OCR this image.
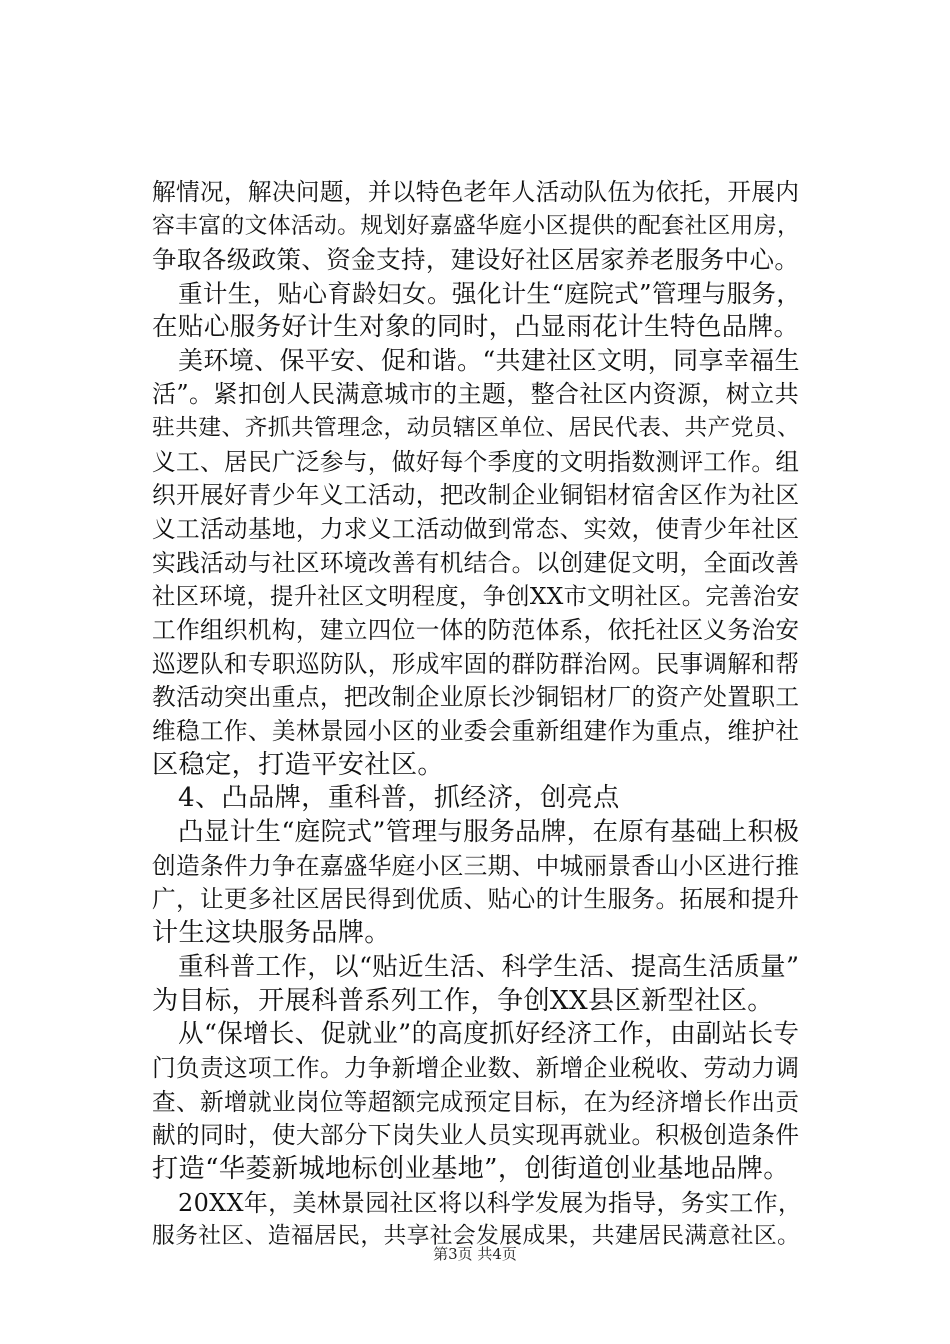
解情况，解决问题，并以特色老年人活动队伍为依托，开展内
容丰富的文体活动。规划好嘉盛华庭小区提供的配套社区用房，
争取各级政策、资金支持，建设好社区居家养老服务中心。
重计生，贴心育龄妇女。强化计生“庭院式”管理与服务，
在贴心服务好计生对象的同时，凸显雨花计生特色品牌。
美环境、保平安、促和谐。“共建社区文明，同享幸福生
活”。紧扣创人民满意城市的主题，整合社区内资源，树立共
驻共建、齐抓共管理念，动员辖区单位、居民代表、共产党员、
义工、居民广泛参与，做好每个季度的文明指数测评工作。组
织开展好青少年义工活动，把改制企业铜铝材宿舍区作为社区
义工活动基地，力求义工活动做到常态、实效，使青少年社区
实践活动与社区环境改善有机结合。以创建促文明，全面改善
社区环境，提升社区文明程度，争创XX市文明社区。完善治安
工作组织机构，建立四位一体的防范体系，依托社区义务治安
巡逻队和专职巡防队，形成牢固的群防群治网。民事调解和帮
教活动突出重点，把改制企业原长沙铜铝材厂的资产处置职工
维稳工作、美林景园小区的业委会重新组建作为重点，维护社
区稳定，打造平安社区。
4、凸品牌，重科普，抓经济，创亮点
凸显计生“庭院式”管理与服务品牌，在原有基础上积极
创造条件力争在嘉盛华庭小区三期、中城丽景香山小区进行推
广，让更多社区居民得到优质、贴心的计生服务。拓展和提升
计生这块服务品牌。
重科普工作，以“贴近生活、科学生活、提高生活质量”
为目标，开展科普系列工作，争创XX县区新型社区。
从“保增长、促就业”的高度抓好经济工作，由副站长专
门负责这项工作。力争新增企业数、新增企业税收、劳动力调
查、新增就业岗位等超额完成预定目标，在为经济增长作出贡
献的同时，使大部分下岗失业人员实现再就业。积极创造条件
打造“华菱新城地标创业基地”，创街道创业基地品牌。
20XX年，美林景园社区将以科学发展为指导，务实工作，
服务社区、造福居民，共享社会发展成果，共建居民满意社区。
第3页 共4页
